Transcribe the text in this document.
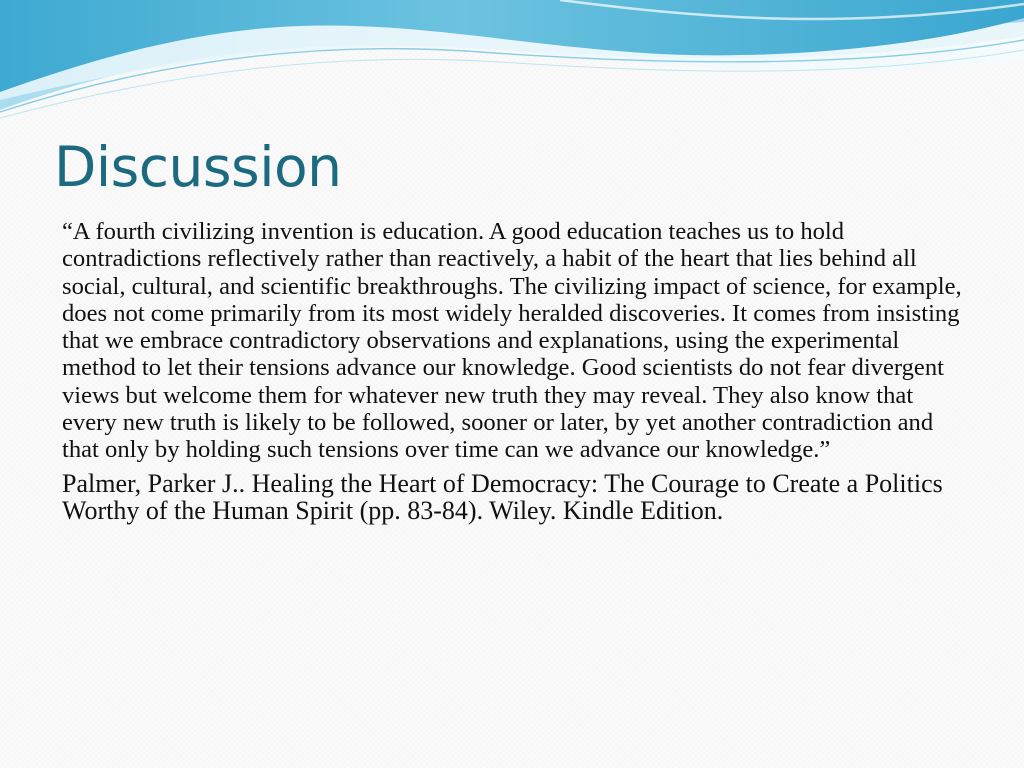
Discussion

“A fourth civilizing invention is education. A good education teaches us to hold contradictions reflectively rather than reactively, a habit of the heart that lies behind all social, cultural, and scientific breakthroughs. The civilizing impact of science, for example, does not come primarily from its most widely heralded discoveries. It comes from insisting that we embrace contradictory observations and explanations, using the experimental method to let their tensions advance our knowledge. Good scientists do not fear divergent views but welcome them for whatever new truth they may reveal. They also know that every new truth is likely to be followed, sooner or later, by yet another contradiction and that only by holding such tensions over time can we advance our knowledge.”

Palmer, Parker J.. Healing the Heart of Democracy: The Courage to Create a Politics Worthy of the Human Spirit (pp. 83-84). Wiley. Kindle Edition.
